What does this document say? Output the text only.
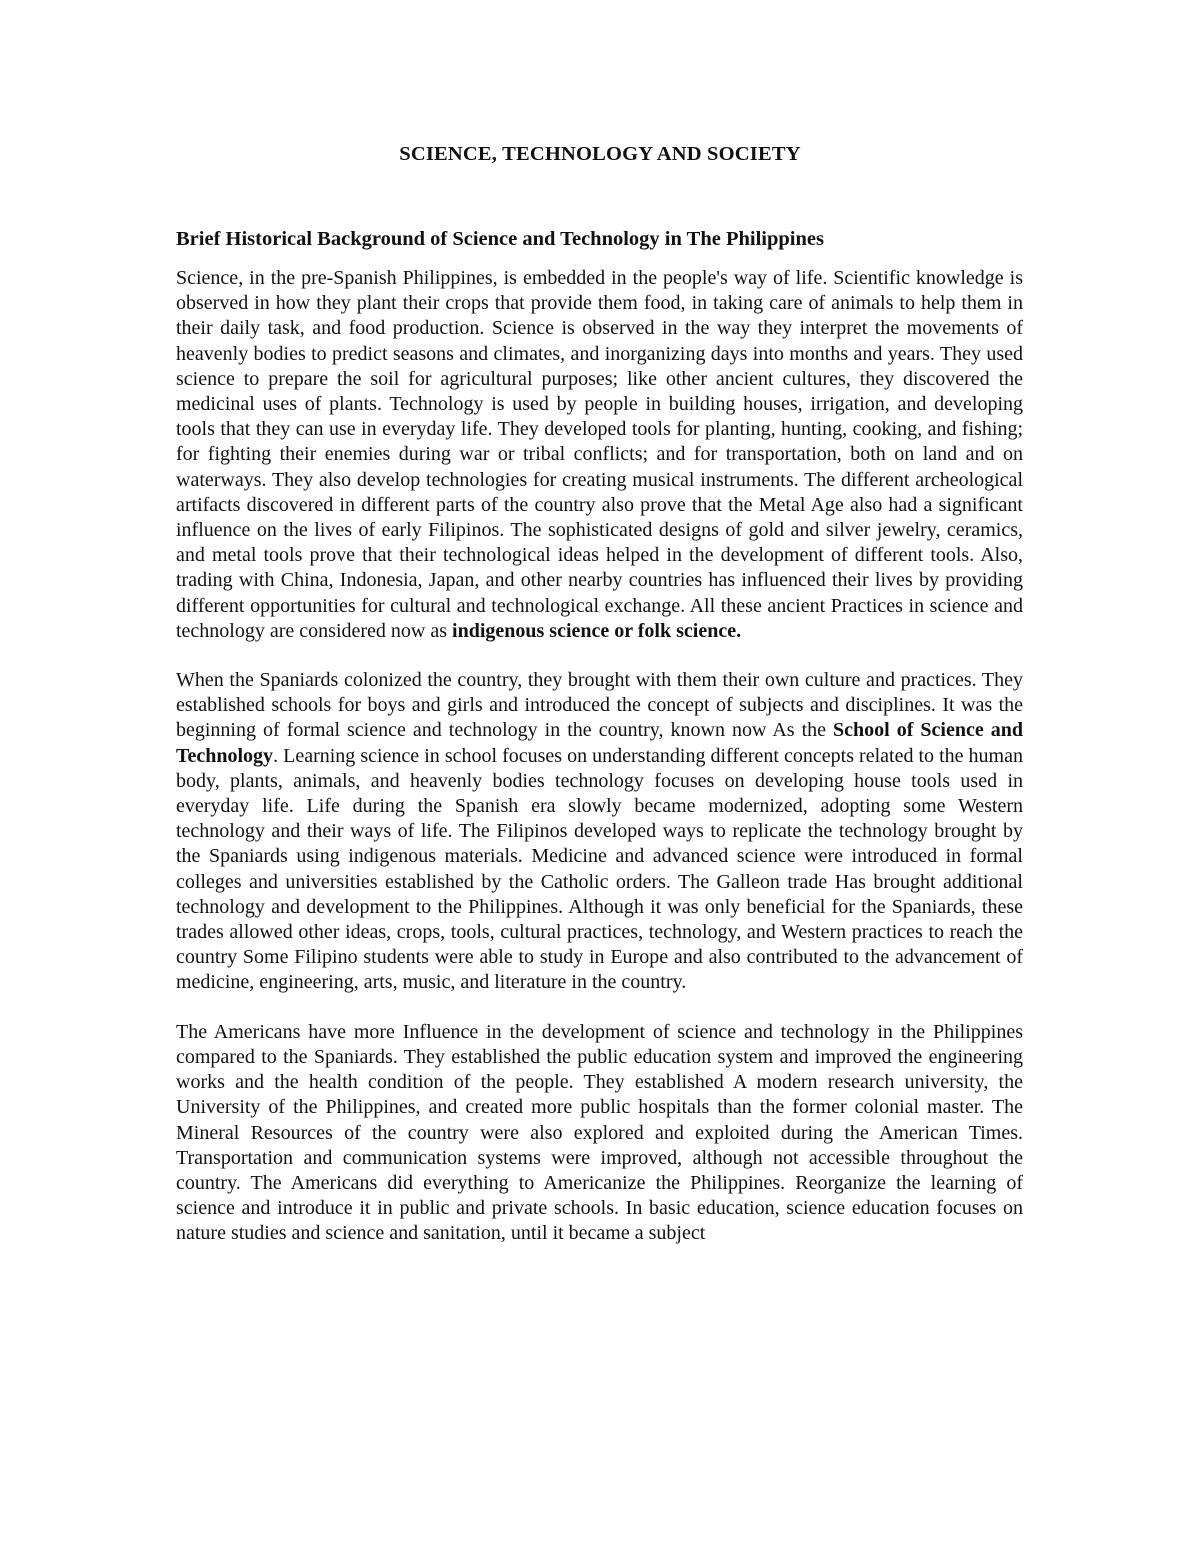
SCIENCE, TECHNOLOGY AND SOCIETY
Brief Historical Background of Science and Technology in The Philippines

Science, in the pre-Spanish Philippines, is embedded in the people's way of life. Scientific knowledge is observed in how they plant their crops that provide them food, in taking care of animals to help them in their daily task, and food production. Science is observed in the way they interpret the movements of heavenly bodies to predict seasons and climates, and inorganizing days into months and years. They used science to prepare the soil for agricultural purposes; like other ancient cultures, they discovered the medicinal uses of plants. Technology is used by people in building houses, irrigation, and developing tools that they can use in everyday life. They developed tools for planting, hunting, cooking, and fishing; for fighting their enemies during war or tribal conflicts; and for transportation, both on land and on waterways. They also develop technologies for creating musical instruments. The different archeological artifacts discovered in different parts of the country also prove that the Metal Age also had a significant influence on the lives of early Filipinos. The sophisticated designs of gold and silver jewelry, ceramics, and metal tools prove that their technological ideas helped in the development of different tools. Also, trading with China, Indonesia, Japan, and other nearby countries has influenced their lives by providing different opportunities for cultural and technological exchange. All these ancient Practices in science and technology are considered now as indigenous science or folk science.

When the Spaniards colonized the country, they brought with them their own culture and practices. They established schools for boys and girls and introduced the concept of subjects and disciplines. It was the beginning of formal science and technology in the country, known now As the School of Science and Technology. Learning science in school focuses on understanding different concepts related to the human body, plants, animals, and heavenly bodies technology focuses on developing house tools used in everyday life. Life during the Spanish era slowly became modernized, adopting some Western technology and their ways of life. The Filipinos developed ways to replicate the technology brought by the Spaniards using indigenous materials. Medicine and advanced science were introduced in formal colleges and universities established by the Catholic orders. The Galleon trade Has brought additional technology and development to the Philippines. Although it was only beneficial for the Spaniards, these trades allowed other ideas, crops, tools, cultural practices, technology, and Western practices to reach the country Some Filipino students were able to study in Europe and also contributed to the advancement of medicine, engineering, arts, music, and literature in the country.

The Americans have more Influence in the development of science and technology in the Philippines compared to the Spaniards. They established the public education system and improved the engineering works and the health condition of the people. They established A modern research university, the University of the Philippines, and created more public hospitals than the former colonial master. The Mineral Resources of the country were also explored and exploited during the American Times. Transportation and communication systems were improved, although not accessible throughout the country. The Americans did everything to Americanize the Philippines. Reorganize the learning of science and introduce it in public and private schools. In basic education, science education focuses on nature studies and science and sanitation, until it became a subject
